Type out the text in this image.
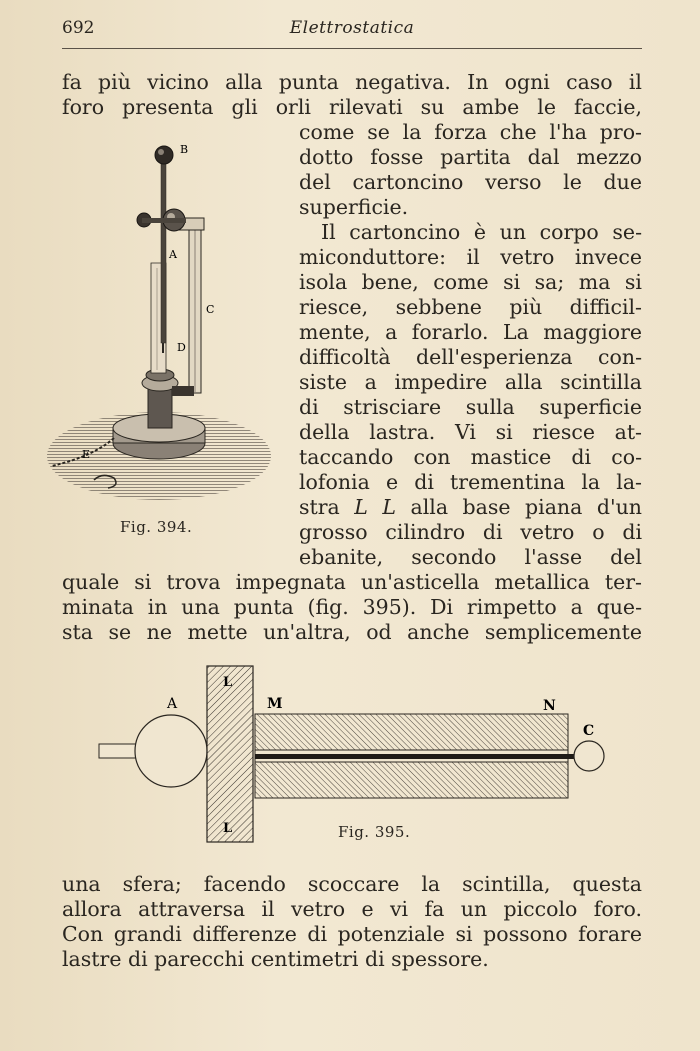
692	Elettrostatica
fa più vicino alla punta negativa. In ogni caso il
foro presenta gli orli rilevati su ambe le faccie,
come se la forza che l'ha pro-
dotto fosse partita dal mezzo
del cartoncino verso le due
superficie.
Il cartoncino è un corpo se-
miconduttore: il vetro invece
isola bene, come si sa; ma si
riesce, sebbene più difficil-
mente, a forarlo. La maggiore
difficoltà dell'esperienza con-
siste a impedire alla scintilla
di strisciare sulla superficie
della lastra. Vi si riesce at-
taccando con mastice di co-
lofonia e di trementina la la-
stra L L alla base piana d'un
grosso cilindro di vetro o di
ebanite, secondo l'asse del
quale si trova impegnata un'asticella metallica ter-
minata in una punta (fig. 395). Di rimpetto a que-
sta se ne mette un'altra, od anche semplicemente
una sfera; facendo scoccare la scintilla, questa
allora attraversa il vetro e vi fa un piccolo foro.
Con grandi differenze di potenziale si possono forare
lastre di parecchi centimetri di spessore.
B
A
C
D
E
Fig. 394.
A
L
L
M	N
C
Fig. 395.
